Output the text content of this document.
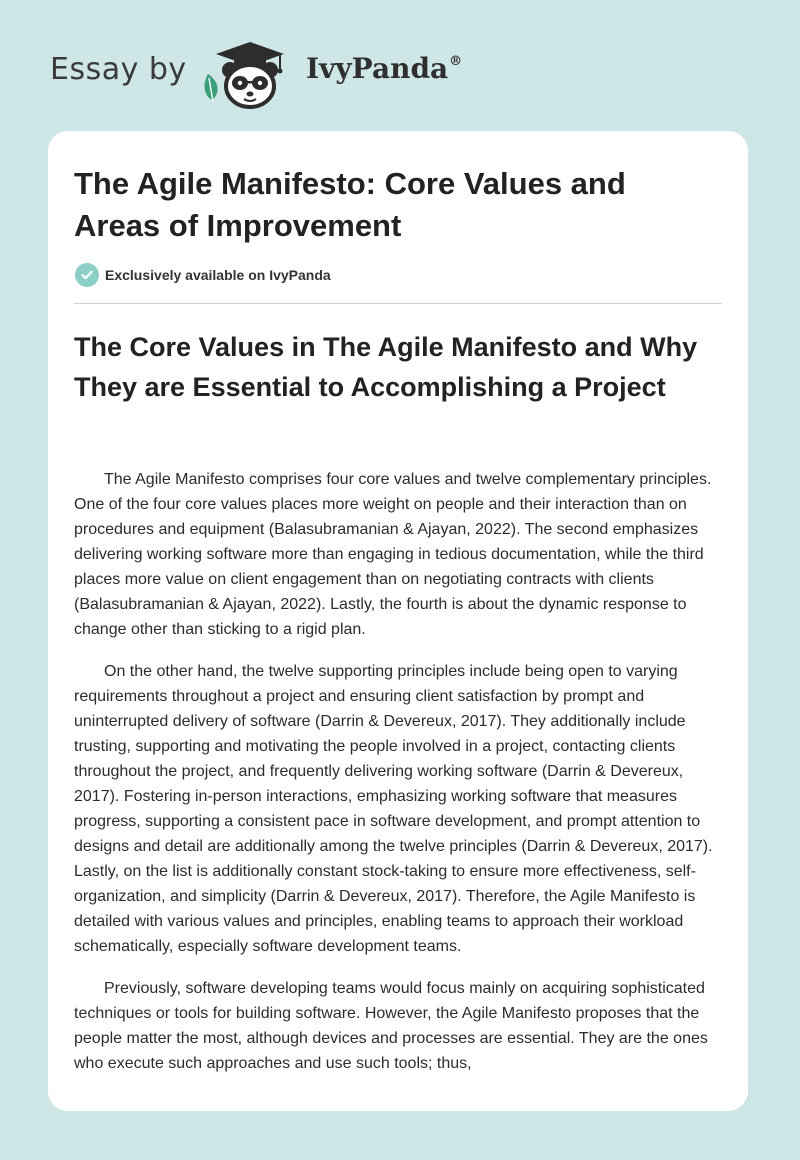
Essay by	IvyPanda®
The Agile Manifesto: Core Values and Areas of Improvement
Exclusively available on IvyPanda
The Core Values in The Agile Manifesto and Why They are Essential to Accomplishing a Project

The Agile Manifesto comprises four core values and twelve complementary principles. One of the four core values places more weight on people and their interaction than on procedures and equipment (Balasubramanian & Ajayan, 2022). The second emphasizes delivering working software more than engaging in tedious documentation, while the third places more value on client engagement than on negotiating contracts with clients (Balasubramanian & Ajayan, 2022). Lastly, the fourth is about the dynamic response to change other than sticking to a rigid plan.

On the other hand, the twelve supporting principles include being open to varying requirements throughout a project and ensuring client satisfaction by prompt and uninterrupted delivery of software (Darrin & Devereux, 2017). They additionally include trusting, supporting and motivating the people involved in a project, contacting clients throughout the project, and frequently delivering working software (Darrin & Devereux, 2017). Fostering in-person interactions, emphasizing working software that measures progress, supporting a consistent pace in software development, and prompt attention to designs and detail are additionally among the twelve principles (Darrin & Devereux, 2017). Lastly, on the list is additionally constant stock-taking to ensure more effectiveness, self-organization, and simplicity (Darrin & Devereux, 2017). Therefore, the Agile Manifesto is detailed with various values and principles, enabling teams to approach their workload schematically, especially software development teams.

Previously, software developing teams would focus mainly on acquiring sophisticated techniques or tools for building software. However, the Agile Manifesto proposes that the people matter the most, although devices and processes are essential. They are the ones who execute such approaches and use such tools; thus,
